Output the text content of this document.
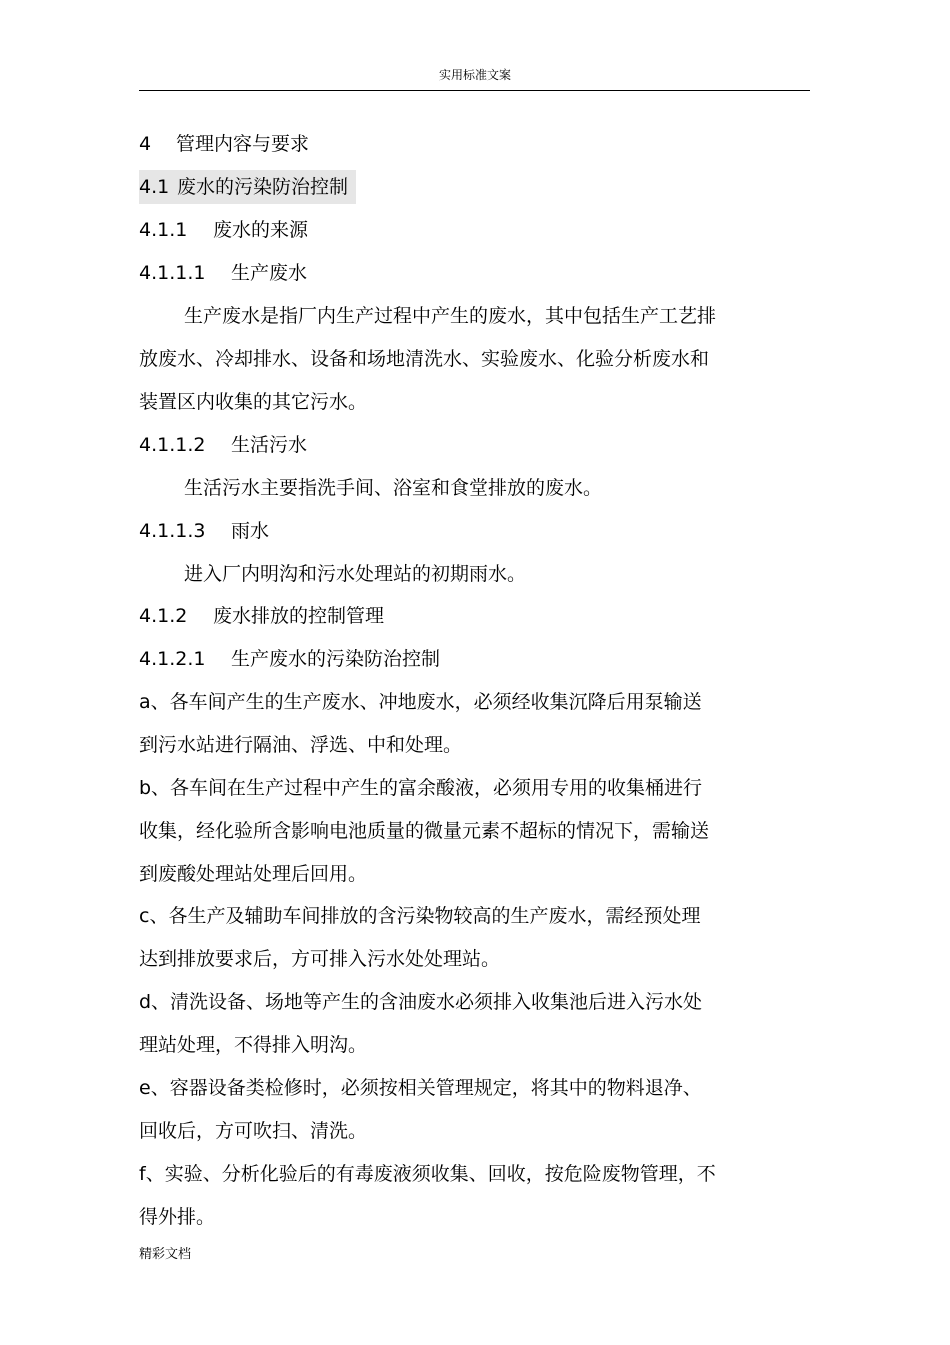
实用标准文案
4 管理内容与要求
4.1 废水的污染防治控制
4.1.1 废水的来源
4.1.1.1 生产废水
生产废水是指厂内生产过程中产生的废水，其中包括生产工艺排
放废水、冷却排水、设备和场地清洗水、实验废水、化验分析废水和
装置区内收集的其它污水。
4.1.1.2 生活污水
生活污水主要指洗手间、浴室和食堂排放的废水。
4.1.1.3 雨水
进入厂内明沟和污水处理站的初期雨水。
4.1.2 废水排放的控制管理
4.1.2.1 生产废水的污染防治控制
a、各车间产生的生产废水、冲地废水，必须经收集沉降后用泵输送
到污水站进行隔油、浮选、中和处理。
b、各车间在生产过程中产生的富余酸液，必须用专用的收集桶进行
收集，经化验所含影响电池质量的微量元素不超标的情况下，需输送
到废酸处理站处理后回用。
c、各生产及辅助车间排放的含污染物较高的生产废水，需经预处理
达到排放要求后，方可排入污水处处理站。
d、清洗设备、场地等产生的含油废水必须排入收集池后进入污水处
理站处理，不得排入明沟。
e、容器设备类检修时，必须按相关管理规定，将其中的物料退净、
回收后，方可吹扫、清洗。
f、实验、分析化验后的有毒废液须收集、回收，按危险废物管理，不
得外排。
精彩文档
